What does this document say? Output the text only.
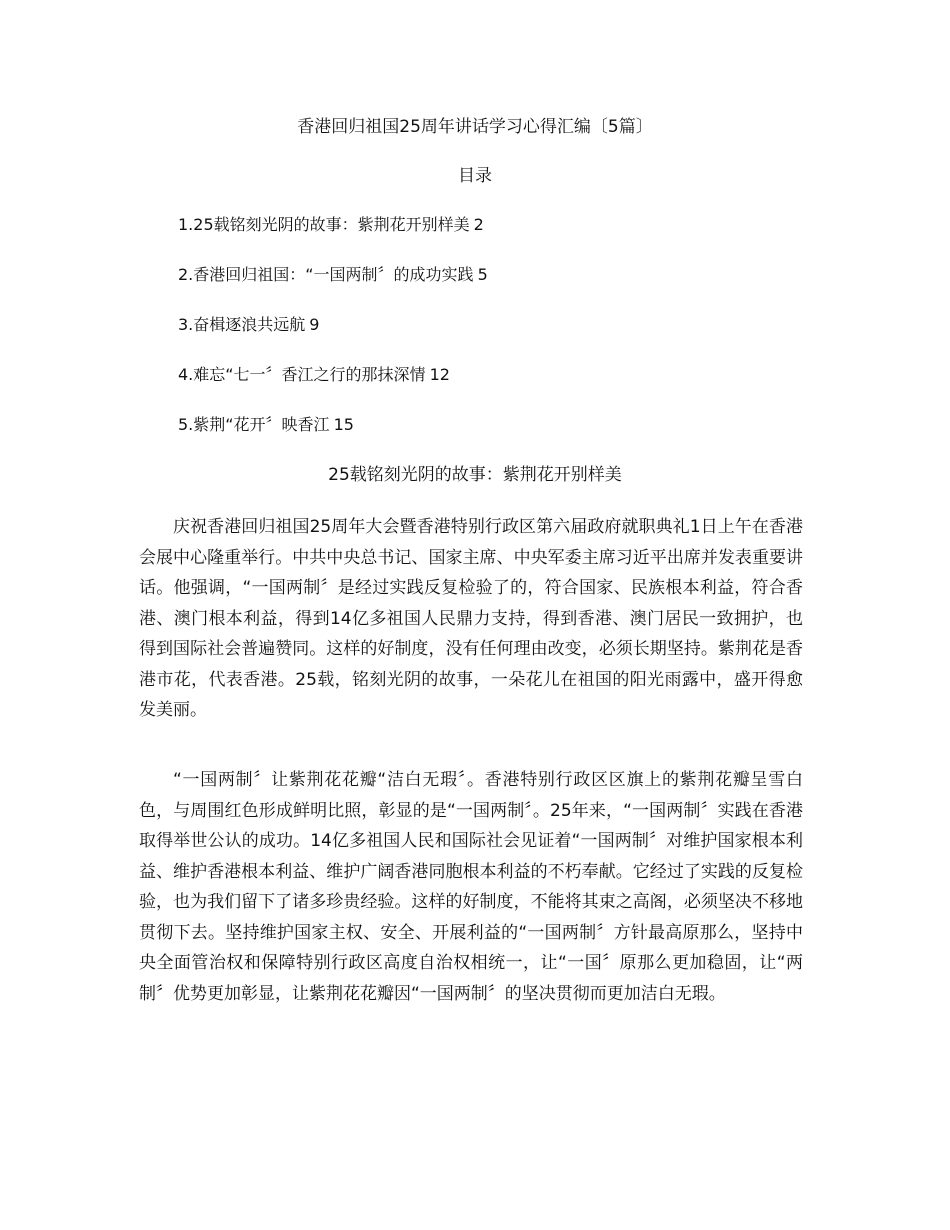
香港回归祖国25周年讲话学习心得汇编〔5篇〕
目录
1.25载铭刻光阴的故事：紫荆花开别样美 2
2.香港回归祖国：“一国两制〞的成功实践 5
3.奋楫逐浪共远航 9
4.难忘“七一〞香江之行的那抹深情 12
5.紫荆“花开〞映香江 15
25载铭刻光阴的故事：紫荆花开别样美

庆祝香港回归祖国25周年大会暨香港特别行政区第六届政府就职典礼1日上午在香港会展中心隆重举行。中共中央总书记、国家主席、中央军委主席习近平出席并发表重要讲话。他强调，“一国两制〞是经过实践反复检验了的，符合国家、民族根本利益，符合香港、澳门根本利益，得到14亿多祖国人民鼎力支持，得到香港、澳门居民一致拥护，也得到国际社会普遍赞同。这样的好制度，没有任何理由改变，必须长期坚持。紫荆花是香港市花，代表香港。25载，铭刻光阴的故事，一朵花儿在祖国的阳光雨露中，盛开得愈发美丽。

“一国两制〞让紫荆花花瓣“洁白无瑕〞。香港特别行政区区旗上的紫荆花瓣呈雪白色，与周围红色形成鲜明比照，彰显的是“一国两制〞。25年来，“一国两制〞实践在香港取得举世公认的成功。14亿多祖国人民和国际社会见证着“一国两制〞对维护国家根本利益、维护香港根本利益、维护广阔香港同胞根本利益的不朽奉献。它经过了实践的反复检验，也为我们留下了诸多珍贵经验。这样的好制度，不能将其束之高阁，必须坚决不移地贯彻下去。坚持维护国家主权、安全、开展利益的“一国两制〞方针最高原那么，坚持中央全面管治权和保障特别行政区高度自治权相统一，让“一国〞原那么更加稳固，让“两制〞优势更加彰显，让紫荆花花瓣因“一国两制〞的坚决贯彻而更加洁白无瑕。
